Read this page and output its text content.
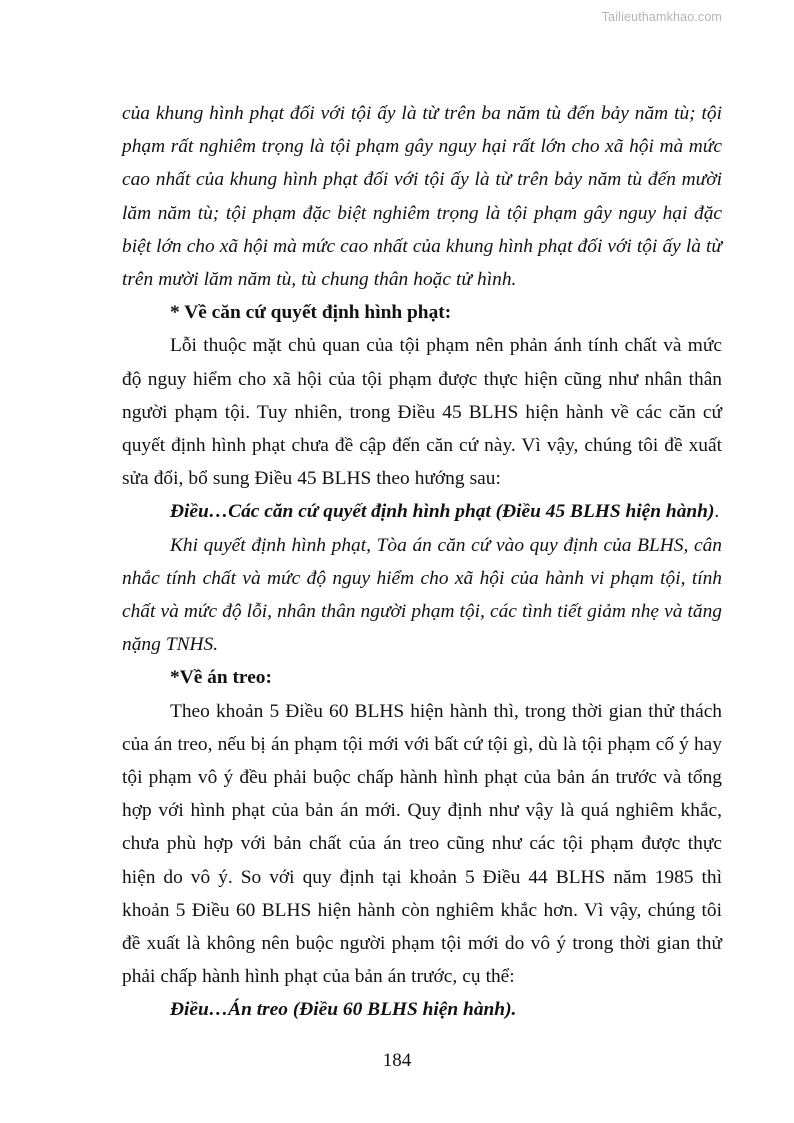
Tailieuthamkhao.com

của khung hình phạt đối với tội ấy là từ trên ba năm tù đến bảy năm tù; tội phạm rất nghiêm trọng là tội phạm gây nguy hại rất lớn cho xã hội mà mức cao nhất của khung hình phạt đối với tội ấy là từ trên bảy năm tù đến mười lăm năm tù; tội phạm đặc biệt nghiêm trọng là tội phạm gây nguy hại đặc biệt lớn cho xã hội mà mức cao nhất của khung hình phạt đối với tội ấy là từ trên mười lăm năm tù, tù chung thân hoặc tử hình.

* Về căn cứ quyết định hình phạt:

Lỗi thuộc mặt chủ quan của tội phạm nên phản ánh tính chất và mức độ nguy hiểm cho xã hội của tội phạm được thực hiện cũng như nhân thân người phạm tội. Tuy nhiên, trong Điều 45 BLHS hiện hành về các căn cứ quyết định hình phạt chưa đề cập đến căn cứ này. Vì vậy, chúng tôi đề xuất sửa đổi, bổ sung Điều 45 BLHS theo hướng sau:

Điều…Các căn cứ quyết định hình phạt (Điều 45 BLHS hiện hành).

Khi quyết định hình phạt, Tòa án căn cứ vào quy định của BLHS, cân nhắc tính chất và mức độ nguy hiểm cho xã hội của hành vi phạm tội, tính chất và mức độ lỗi, nhân thân người phạm tội, các tình tiết giảm nhẹ và tăng nặng TNHS.

*Về án treo:

Theo khoản 5 Điều 60 BLHS hiện hành thì, trong thời gian thử thách của án treo, nếu bị án phạm tội mới với bất cứ tội gì, dù là tội phạm cố ý hay tội phạm vô ý đều phải buộc chấp hành hình phạt của bản án trước và tổng hợp với hình phạt của bản án mới. Quy định như vậy là quá nghiêm khắc, chưa phù hợp với bản chất của án treo cũng như các tội phạm được thực hiện do vô ý. So với quy định tại khoản 5 Điều 44 BLHS năm 1985 thì khoản 5 Điều 60 BLHS hiện hành còn nghiêm khắc hơn. Vì vậy, chúng tôi đề xuất là không nên buộc người phạm tội mới do vô ý trong thời gian thử phải chấp hành hình phạt của bản án trước, cụ thể:

Điều…Án treo (Điều 60 BLHS hiện hành).

184
